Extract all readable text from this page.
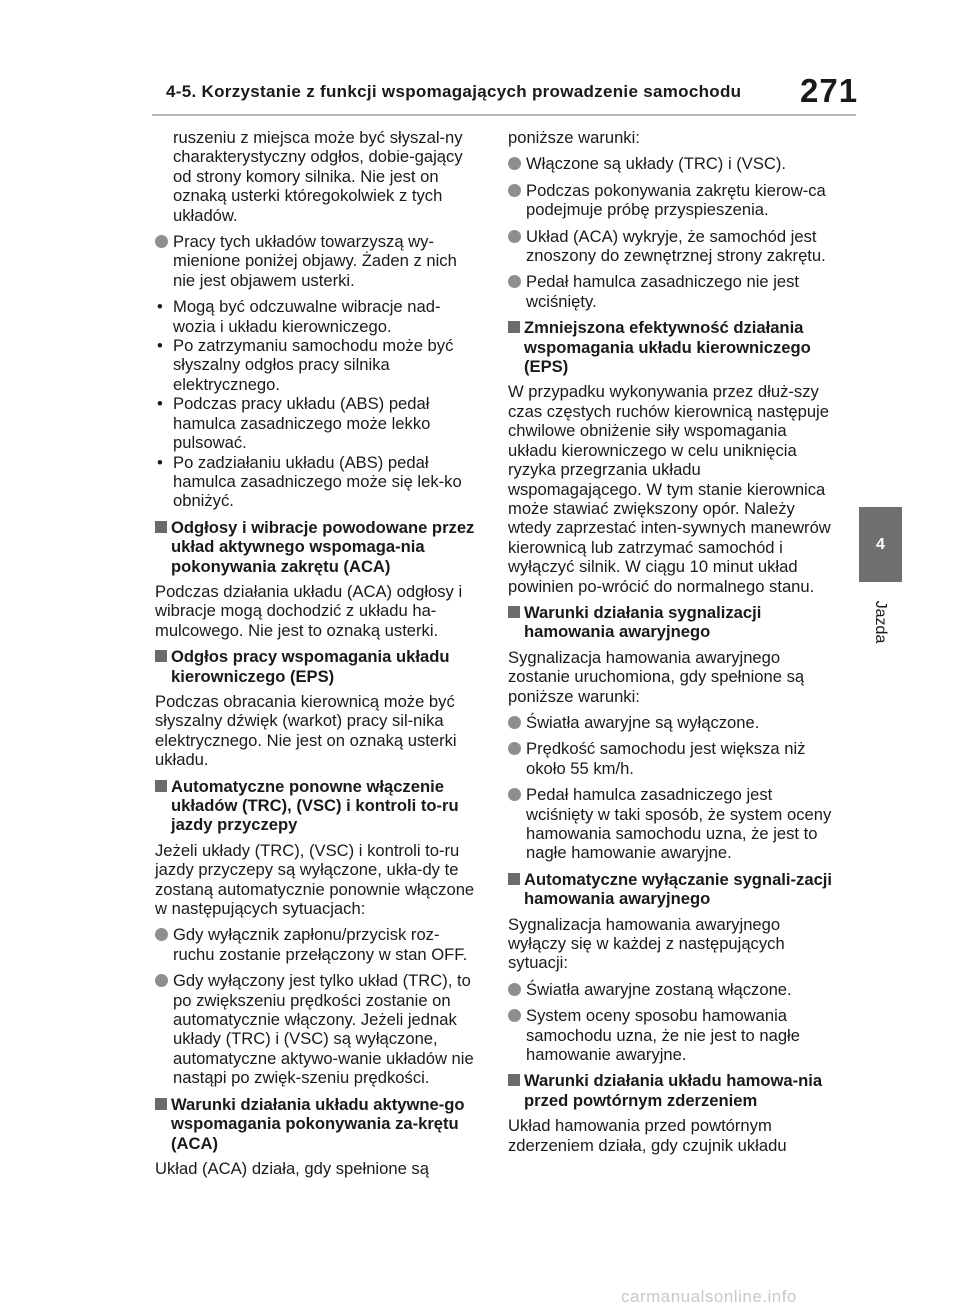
4-5. Korzystanie z funkcji wspomagających prowadzenie samochodu 271
4
Jazda

ruszeniu z miejsca może być słyszal-ny charakterystyczny odgłos, dobie-gający od strony komory silnika. Nie jest on oznaką usterki któregokolwiek z tych układów.

Pracy tych układów towarzyszą wy-mienione poniżej objawy. Żaden z nich nie jest objawem usterki.
• Mogą być odczuwalne wibracje nad-wozia i układu kierowniczego.
• Po zatrzymaniu samochodu może być słyszalny odgłos pracy silnika elektrycznego.
• Podczas pracy układu (ABS) pedał hamulca zasadniczego może lekko pulsować.
• Po zadziałaniu układu (ABS) pedał hamulca zasadniczego może się lek-ko obniżyć.
Odgłosy i wibracje powodowane przez układ aktywnego wspomaga-nia pokonywania zakrętu (ACA)

Podczas działania układu (ACA) odgłosy i wibracje mogą dochodzić z układu ha-mulcowego. Nie jest to oznaką usterki.

Odgłos pracy wspomagania układu kierowniczego (EPS)

Podczas obracania kierownicą może być słyszalny dźwięk (warkot) pracy sil-nika elektrycznego. Nie jest on oznaką usterki układu.

Automatyczne ponowne włączenie układów (TRC), (VSC) i kontroli to-ru jazdy przyczepy

Jeżeli układy (TRC), (VSC) i kontroli to-ru jazdy przyczepy są wyłączone, ukła-dy te zostaną automatycznie ponownie włączone w następujących sytuacjach:

Gdy wyłącznik zapłonu/przycisk roz-ruchu zostanie przełączony w stan OFF.
Gdy wyłączony jest tylko układ (TRC), to po zwiększeniu prędkości zostanie on automatycznie włączony. Jeżeli jednak układy (TRC) i (VSC) są wyłączone, automatyczne aktywo-wanie układów nie nastąpi po zwięk-szeniu prędkości.
Warunki działania układu aktywne-go wspomagania pokonywania za-krętu (ACA)

Układ (ACA) działa, gdy spełnione są

poniższe warunki:

Włączone są układy (TRC) i (VSC).
Podczas pokonywania zakrętu kierow-ca podejmuje próbę przyspieszenia.
Układ (ACA) wykryje, że samochód jest znoszony do zewnętrznej strony zakrętu.
Pedał hamulca zasadniczego nie jest wciśnięty.
Zmniejszona efektywność działania wspomagania układu kierowniczego (EPS)

W przypadku wykonywania przez dłuż-szy czas częstych ruchów kierownicą następuje chwilowe obniżenie siły wspomagania układu kierowniczego w celu uniknięcia ryzyka przegrzania układu wspomagającego. W tym stanie kierownica może stawiać zwiększony opór. Należy wtedy zaprzestać inten-sywnych manewrów kierownicą lub zatrzymać samochód i wyłączyć silnik. W ciągu 10 minut układ powinien po-wrócić do normalnego stanu.

Warunki działania sygnalizacji hamowania awaryjnego

Sygnalizacja hamowania awaryjnego zostanie uruchomiona, gdy spełnione są poniższe warunki:

Światła awaryjne są wyłączone.
Prędkość samochodu jest większa niż około 55 km/h.
Pedał hamulca zasadniczego jest wciśnięty w taki sposób, że system oceny hamowania samochodu uzna, że jest to nagłe hamowanie awaryjne.
Automatyczne wyłączanie sygnali-zacji hamowania awaryjnego

Sygnalizacja hamowania awaryjnego wyłączy się w każdej z następujących sytuacji:

Światła awaryjne zostaną włączone.
System oceny sposobu hamowania samochodu uzna, że nie jest to nagłe hamowanie awaryjne.
Warunki działania układu hamowa-nia przed powtórnym zderzeniem

Układ hamowania przed powtórnym zderzeniem działa, gdy czujnik układu

carmanualsonline.info
